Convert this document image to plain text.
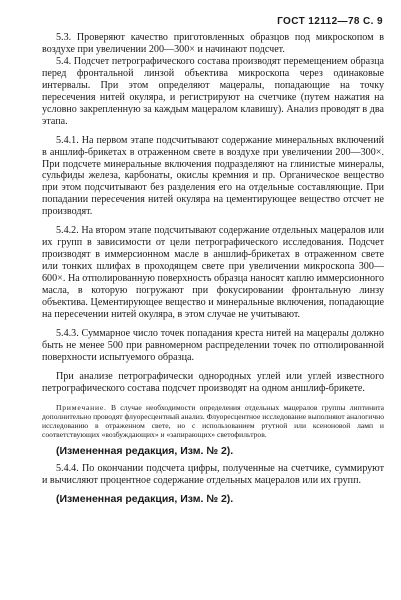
ГОСТ 12112—78 С. 9

5.3. Проверяют качество приготовленных образцов под микроскопом в воздухе при увеличении 200—300× и начинают подсчет.

5.4. Подсчет петрографического состава производят перемещением образца перед фронтальной линзой объектива микроскопа через одинаковые интервалы. При этом определяют мацералы, попадающие на точку пересечения нитей окуляра, и регистрируют на счетчике (путем нажатия на условно закрепленную за каждым мацералом клавишу). Анализ проводят в два этапа.

5.4.1. На первом этапе подсчитывают содержание минеральных включений в аншлиф-брикетах в отраженном свете в воздухе при увеличении 200—300×. При подсчете минеральные включения подразделяют на глинистые минералы, сульфиды железа, карбонаты, окислы кремния и пр. Органическое вещество при этом подсчитывают без разделения его на отдельные составляющие. При попадании пересечения нитей окуляра на цементирующее вещество отсчет не производят.

5.4.2. На втором этапе подсчитывают содержание отдельных мацералов или их групп в зависимости от цели петрографического исследования. Подсчет производят в иммерсионном масле в аншлиф-брикетах в отраженном свете или тонких шлифах в проходящем свете при увеличении микроскопа 300—600×. На отполированную поверхность образца наносят каплю иммерсионного масла, в которую погружают при фокусировании фронтальную линзу объектива. Цементирующее вещество и минеральные включения, попадающие на пересечении нитей окуляра, в этом случае не учитывают.

5.4.3. Суммарное число точек попадания креста нитей на мацералы должно быть не менее 500 при равномерном распределении точек по отполированной поверхности испытуемого образца.

При анализе петрографически однородных углей или углей известного петрографического состава подсчет производят на одном аншлиф-брикете.

Примечание. В случае необходимости определения отдельных мацералов группы липтинита дополнительно проводят флуоресцентный анализ. Флуоресцентное исследование выполняют аналогично исследованию в отраженном свете, но с использованием ртутной или ксеноновой ламп и соответствующих «возбуждающих» и «запирающих» светофильтров.

(Измененная редакция, Изм. № 2).

5.4.4. По окончании подсчета цифры, полученные на счетчике, суммируют и вычисляют процентное содержание отдельных мацералов или их групп.

(Измененная редакция, Изм. № 2).
